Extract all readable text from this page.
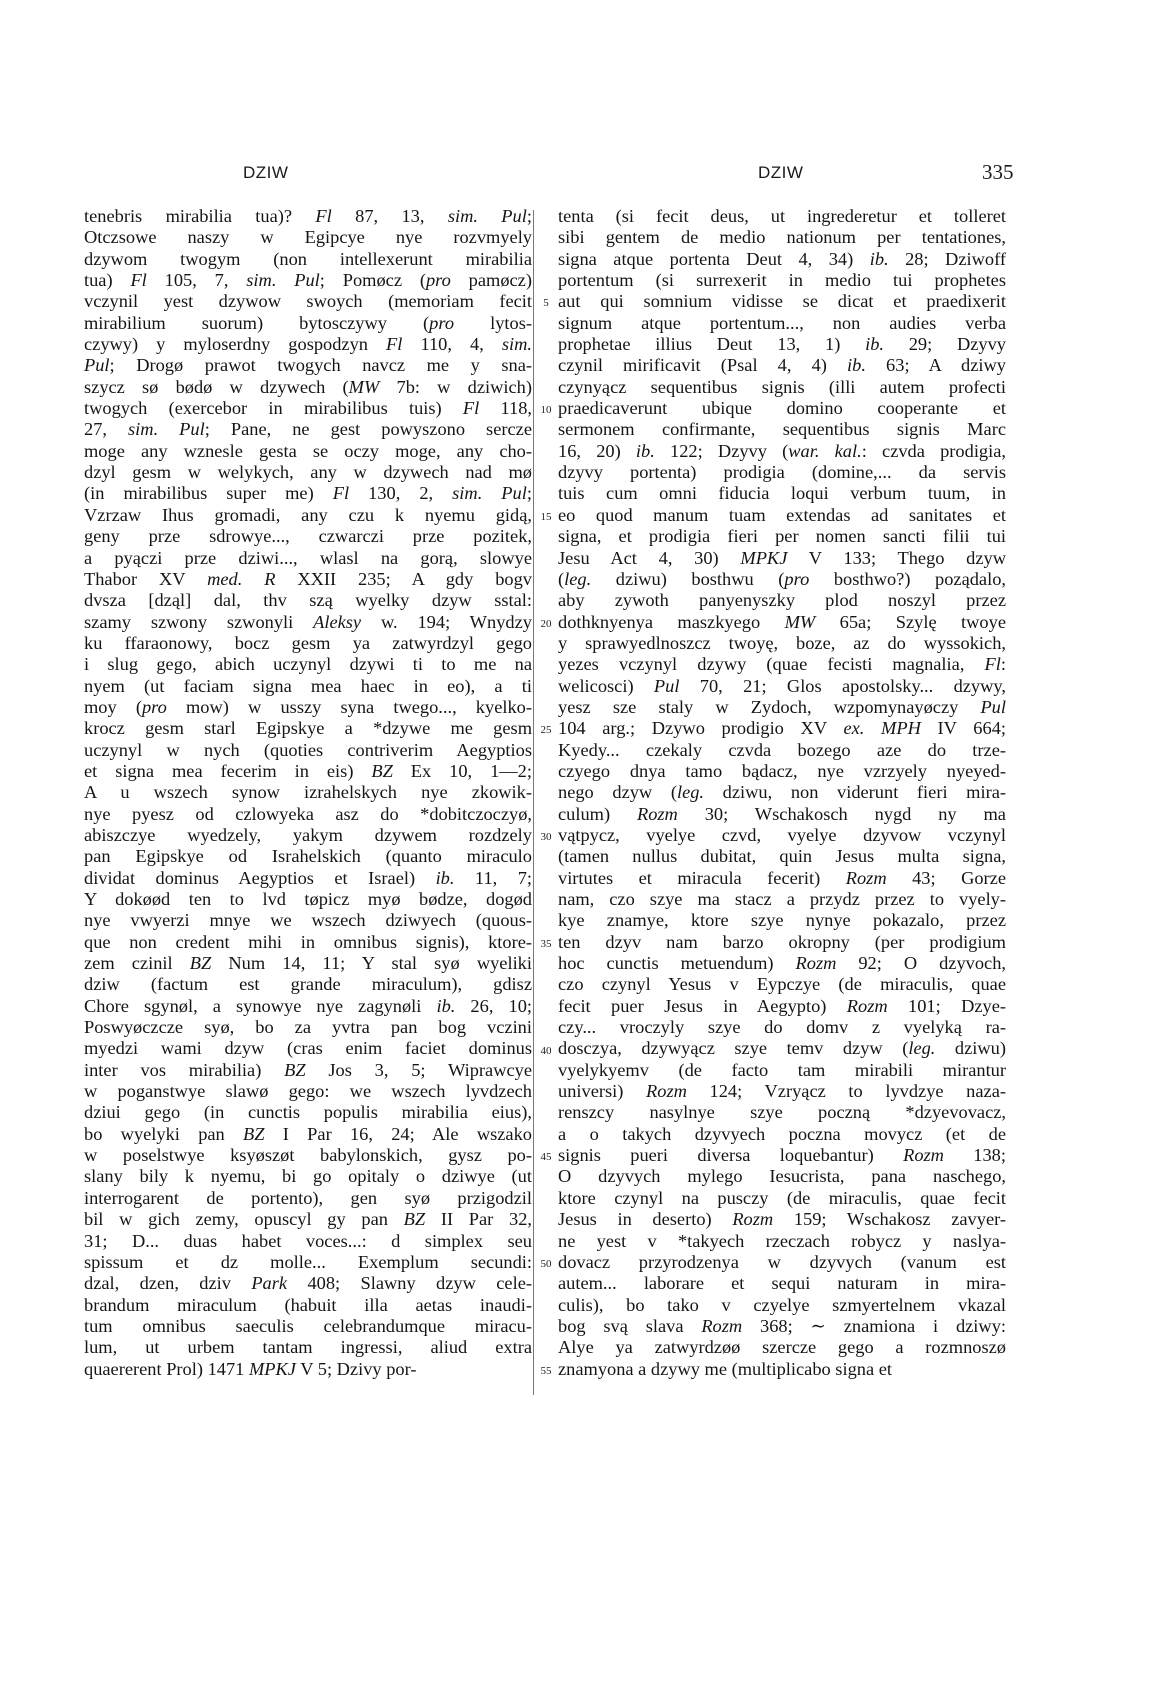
DZIW	DZIW	335
tenebris mirabilia tua)? Fl 87, 13, sim. Pul;
Otczsowe naszy w Egipcye nye rozvmyely
dzywom twogym (non intellexerunt mirabilia
tua) Fl 105, 7, sim. Pul; Pomøcz (pro pamøcz)
vczynil yest dzywow swoych (memoriam fecit
mirabilium suorum) bytosczywy (pro lytos-
czywy) y myloserdny gospodzyn Fl 110, 4, sim.
Pul; Drogø prawot twogych navcz me y sna-
szycz sø bødø w dzywech (MW 7b: w dziwich)
twogych (exercebor in mirabilibus tuis) Fl 118,
27, sim. Pul; Pane, ne gest powyszono sercze
moge any wznesle gesta se oczy moge, any cho-
dzyl gesm w welykych, any w dzywech nad mø
(in mirabilibus super me) Fl 130, 2, sim. Pul;
Vzrzaw Ihus gromadi, any czu k nyemu gidą,
geny prze sdrowye..., czwarczi prze pozitek,
a pyączi prze dziwi..., wlasl na gorą, slowye
Thabor XV med. R XXII 235; A gdy bogv
dvsza [dząl] dal, thv szą wyelky dzyw sstal:
szamy szwony szwonyli Aleksy w. 194; Wnydzy
ku ffaraonowy, bocz gesm ya zatwyrdzyl gego
i slug gego, abich uczynyl dzywi ti to me na
nyem (ut faciam signa mea haec in eo), a ti
moy (pro mow) w usszy syna twego..., kyelko-
krocz gesm starl Egipskye a *dzywe me gesm
uczynyl w nych (quoties contriverim Aegyptios
et signa mea fecerim in eis) BZ Ex 10, 1—2;
A u wszech synow izrahelskych nye zkowik-
nye pyesz od czlowyeka asz do *dobitczoczyø,
abiszczye wyedzely, yakym dzywem rozdzely
pan Egipskye od Israhelskich (quanto miraculo
dividat dominus Aegyptios et Israel) ib. 11, 7;
Y dokøød ten to lvd tøpicz myø bødze, dogød
nye vwyerzi mnye we wszech dziwyech (quous-
que non credent mihi in omnibus signis), ktore-
zem czinil BZ Num 14, 11; Y stal syø wyeliki
dziw (factum est grande miraculum), gdisz
Chore sgynøl, a synowye nye zagynøli ib. 26, 10;
Poswyøczcze syø, bo za yvtra pan bog vczini
myedzi wami dzyw (cras enim faciet dominus
inter vos mirabilia) BZ Jos 3, 5; Wiprawcye
w poganstwye slawø gego: we wszech lyvdzech
dziui gego (in cunctis populis mirabilia eius),
bo wyelyki pan BZ I Par 16, 24; Ale wszako
w poselstwye ksyøszøt babylonskich, gysz po-
slany bily k nyemu, bi go opitaly o dziwye (ut
interrogarent de portento), gen syø przigodzil
bil w gich zemy, opuscyl gy pan BZ II Par 32,
31; D... duas habet voces...: d simplex seu
spissum et dz molle... Exemplum secundi:
dzal, dzen, dziv Park 408; Slawny dzyw cele-
brandum miraculum (habuit illa aetas inaudi-
tum omnibus saeculis celebrandumque miracu-
lum, ut urbem tantam ingressi, aliud extra
quaererent Prol) 1471 MPKJ V 5; Dzivy por-
5
10
15
20
25
30
35
40
45
50
55
tenta (si fecit deus, ut ingrederetur et tolleret
sibi gentem de medio nationum per tentationes,
signa atque portenta Deut 4, 34) ib. 28; Dziwoff
portentum (si surrexerit in medio tui prophetes
aut qui somnium vidisse se dicat et praedixerit
signum atque portentum..., non audies verba
prophetae illius Deut 13, 1) ib. 29; Dzyvy
czynil mirificavit (Psal 4, 4) ib. 63; A dziwy
czynyącz sequentibus signis (illi autem profecti
praedicaverunt ubique domino cooperante et
sermonem confirmante, sequentibus signis Marc
16, 20) ib. 122; Dzyvy (war. kal.: czvda prodigia,
dzyvy portenta) prodigia (domine,... da servis
tuis cum omni fiducia loqui verbum tuum, in
eo quod manum tuam extendas ad sanitates et
signa, et prodigia fieri per nomen sancti filii tui
Jesu Act 4, 30) MPKJ V 133; Thego dzyw
(leg. dziwu) bosthwu (pro bosthwo?) poządalo,
aby zywoth panyenyszky plod noszyl przez
dothknyenya maszkyego MW 65a; Szylę twoye
y sprawyedlnoszcz twoyę, boze, az do wyssokich,
yezes vczynyl dzywy (quae fecisti magnalia, Fl:
welicosci) Pul 70, 21; Glos apostolsky... dzywy,
yesz sze staly w Zydoch, wzpomynayøczy Pul
104 arg.; Dzywo prodigio XV ex. MPH IV 664;
Kyedy... czekaly czvda bozego aze do trze-
czyego dnya tamo bądacz, nye vzrzyely nyeyed-
nego dzyw (leg. dziwu, non viderunt fieri mira-
culum) Rozm 30; Wschakosch nygd ny ma
vątpycz, vyelye czvd, vyelye dzyvow vczynyl
(tamen nullus dubitat, quin Jesus multa signa,
virtutes et miracula fecerit) Rozm 43; Gorze
nam, czo szye ma stacz a przydz przez to vyely-
kye znamye, ktore szye nynye pokazalo, przez
ten dzyv nam barzo okropny (per prodigium
hoc cunctis metuendum) Rozm 92; O dzyvoch,
czo czynyl Yesus v Eypczye (de miraculis, quae
fecit puer Jesus in Aegypto) Rozm 101; Dzye-
czy... vroczyly szye do domv z vyelyką ra-
dosczya, dzywyącz szye temv dzyw (leg. dziwu)
vyelykyemv (de facto tam mirabili mirantur
universi) Rozm 124; Vzryącz to lyvdzye naza-
renszcy nasylnye szye poczną *dzyevovacz,
a o takych dzyvyech poczna movycz (et de
signis pueri diversa loquebantur) Rozm 138;
O dzyvych mylego Iesucrista, pana naschego,
ktore czynyl na pusczy (de miraculis, quae fecit
Jesus in deserto) Rozm 159; Wschakosz zavyer-
ne yest v *takyech rzeczach robycz y naslya-
dovacz przyrodzenya w dzyvych (vanum est
autem... laborare et sequi naturam in mira-
culis), bo tako v czyelye szmyertelnem vkazal
bog svą slava Rozm 368; ∼ znamiona i dziwy:
Alye ya zatwyrdzøø szercze gego a rozmnoszø
znamyona a dzywy me (multiplicabo signa et
